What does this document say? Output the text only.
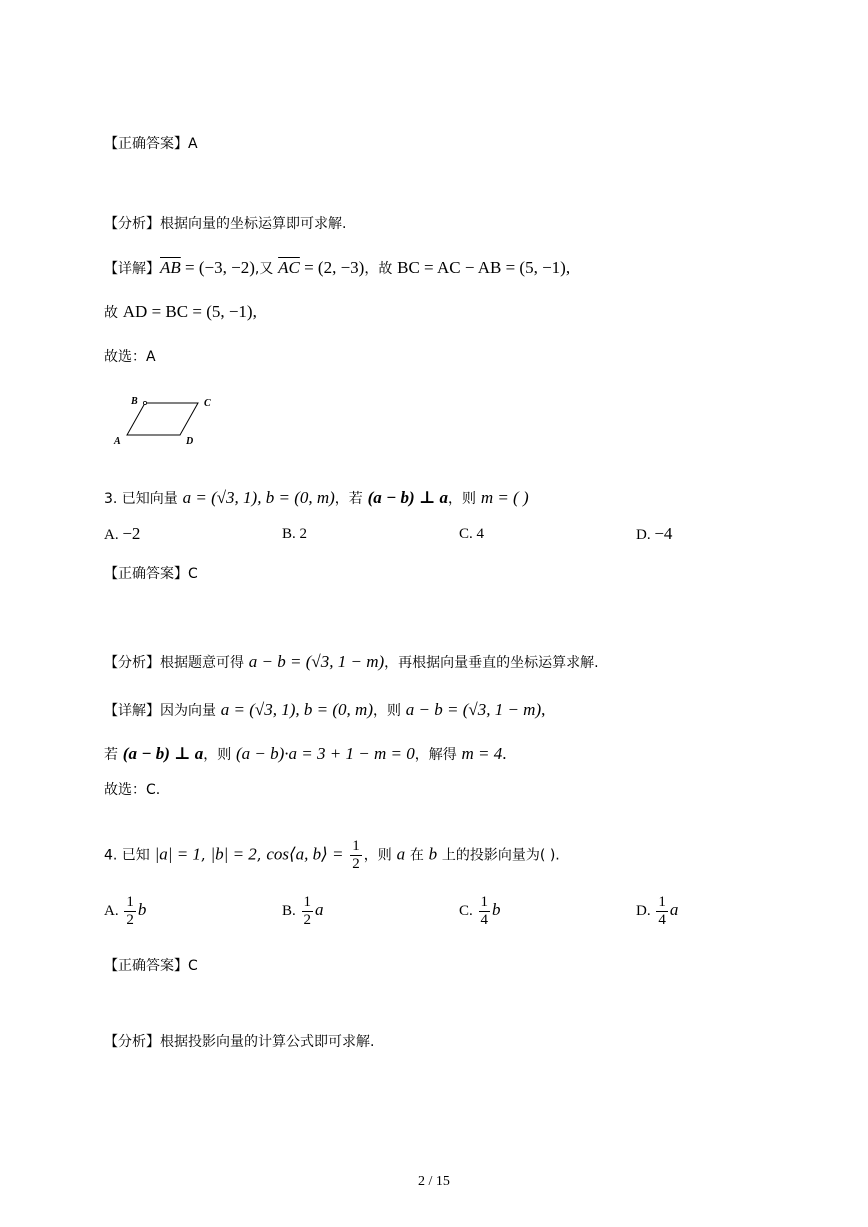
【正确答案】A
【分析】根据向量的坐标运算即可求解.
【详解】$\overline{AB} = (-3$, −2),又 $\overline{AC} = (2$, −3)，故 BC = AC − AB = (5, −1),
故 AD = BC = (5, −1),
故选：A
B	C
A	D
3. 已知向量 a = (√3, 1), b = (0, m)，若 (a − b) ⊥ a，则 m = ( )
A. −2	B. 2	C. 4	D. −4
【正确答案】C
【分析】根据题意可得 a − b = (√3, 1 − m)，再根据向量垂直的坐标运算求解.
【详解】因为向量 a = (√3, 1), b = (0, m)，则 a − b = (√3, 1 − m),
若 (a − b) ⊥ a，则 (a − b)·a = 3 + 1 − m = 0，解得 m = 4.
故选：C.
4. 已知 |a| = 1, |b| = 2, cos⟨a, b⟩ = $\frac{1}{2}$ ，则 a 在 b 上的投影向量为( ).
A. $\frac{1}{2}$ b	B. $\frac{1}{2}$ a	C. $\frac{1}{4}$ b	D. $\frac{1}{4}$ a
【正确答案】C
【分析】根据投影向量的计算公式即可求解.
2 / 15
